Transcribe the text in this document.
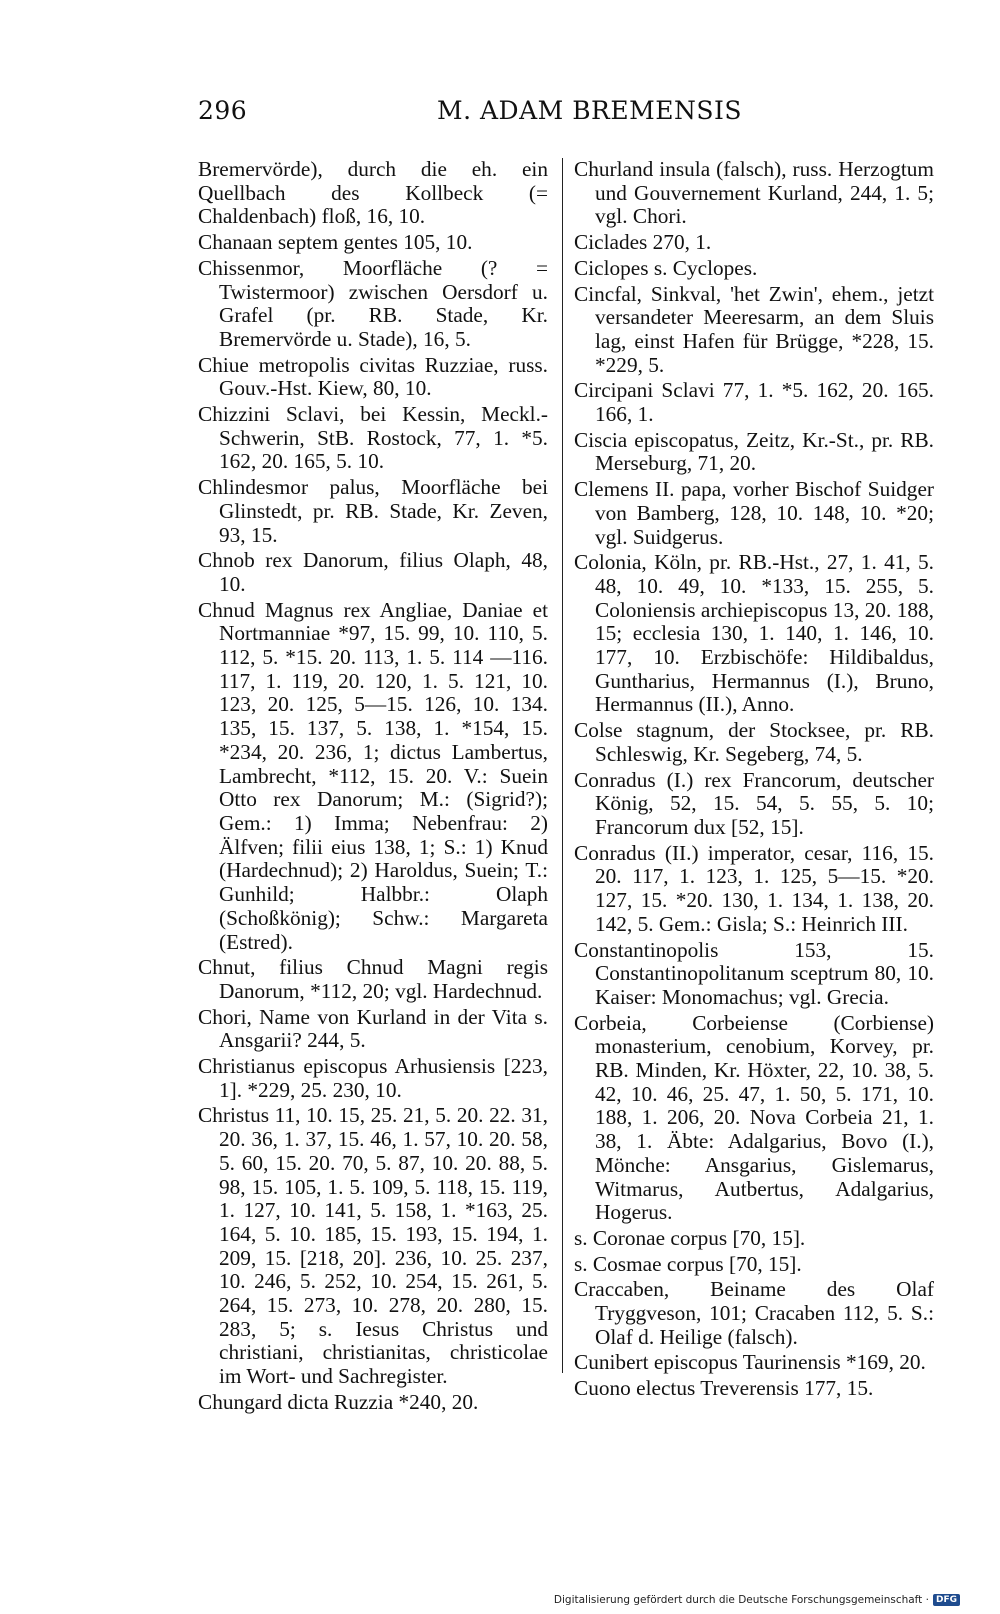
296	M. ADAM BREMENSIS

Bremervörde), durch die eh. ein Quellbach des Kollbeck (= Chaldenbach) floß, 16, 10.

Chanaan septem gentes 105, 10.

Chissenmor, Moorfläche (? = Twistermoor) zwischen Oersdorf u. Grafel (pr. RB. Stade, Kr. Bremervörde u. Stade), 16, 5.

Chiue metropolis civitas Ruzziae, russ. Gouv.-Hst. Kiew, 80, 10.

Chizzini Sclavi, bei Kessin, Meckl.-Schwerin, StB. Rostock, 77, 1. *5. 162, 20. 165, 5. 10.

Chlindesmor palus, Moorfläche bei Glinstedt, pr. RB. Stade, Kr. Zeven, 93, 15.

Chnob rex Danorum, filius Olaph, 48, 10.

Chnud Magnus rex Angliae, Daniae et Nortmanniae *97, 15. 99, 10. 110, 5. 112, 5. *15. 20. 113, 1. 5. 114 —116. 117, 1. 119, 20. 120, 1. 5. 121, 10. 123, 20. 125, 5—15. 126, 10. 134. 135, 15. 137, 5. 138, 1. *154, 15. *234, 20. 236, 1; dictus Lambertus, Lambrecht, *112, 15. 20. V.: Suein Otto rex Danorum; M.: (Sigrid?); Gem.: 1) Imma; Nebenfrau: 2) Älfven; filii eius 138, 1; S.: 1) Knud (Hardechnud); 2) Haroldus, Suein; T.: Gunhild; Halbbr.: Olaph (Schoßkönig); Schw.: Margareta (Estred).

Chnut, filius Chnud Magni regis Danorum, *112, 20; vgl. Hardechnud.

Chori, Name von Kurland in der Vita s. Ansgarii? 244, 5.

Christianus episcopus Arhusiensis [223, 1]. *229, 25. 230, 10.

Christus 11, 10. 15, 25. 21, 5. 20. 22. 31, 20. 36, 1. 37, 15. 46, 1. 57, 10. 20. 58, 5. 60, 15. 20. 70, 5. 87, 10. 20. 88, 5. 98, 15. 105, 1. 5. 109, 5. 118, 15. 119, 1. 127, 10. 141, 5. 158, 1. *163, 25. 164, 5. 10. 185, 15. 193, 15. 194, 1. 209, 15. [218, 20]. 236, 10. 25. 237, 10. 246, 5. 252, 10. 254, 15. 261, 5. 264, 15. 273, 10. 278, 20. 280, 15. 283, 5; s. Iesus Christus und christiani, christianitas, christicolae im Wort- und Sachregister.

Chungard dicta Ruzzia *240, 20.

Churland insula (falsch), russ. Herzogtum und Gouvernement Kurland, 244, 1. 5; vgl. Chori.

Ciclades 270, 1.

Ciclopes s. Cyclopes.

Cincfal, Sinkval, 'het Zwin', ehem., jetzt versandeter Meeresarm, an dem Sluis lag, einst Hafen für Brügge, *228, 15. *229, 5.

Circipani Sclavi 77, 1. *5. 162, 20. 165. 166, 1.

Ciscia episcopatus, Zeitz, Kr.-St., pr. RB. Merseburg, 71, 20.

Clemens II. papa, vorher Bischof Suidger von Bamberg, 128, 10. 148, 10. *20; vgl. Suidgerus.

Colonia, Köln, pr. RB.-Hst., 27, 1. 41, 5. 48, 10. 49, 10. *133, 15. 255, 5. Coloniensis archiepiscopus 13, 20. 188, 15; ecclesia 130, 1. 140, 1. 146, 10. 177, 10. Erzbischöfe: Hildibaldus, Guntharius, Hermannus (I.), Bruno, Hermannus (II.), Anno.

Colse stagnum, der Stocksee, pr. RB. Schleswig, Kr. Segeberg, 74, 5.

Conradus (I.) rex Francorum, deutscher König, 52, 15. 54, 5. 55, 5. 10; Francorum dux [52, 15].

Conradus (II.) imperator, cesar, 116, 15. 20. 117, 1. 123, 1. 125, 5—15. *20. 127, 15. *20. 130, 1. 134, 1. 138, 20. 142, 5. Gem.: Gisla; S.: Heinrich III.

Constantinopolis 153, 15. Constantinopolitanum sceptrum 80, 10. Kaiser: Monomachus; vgl. Grecia.

Corbeia, Corbeiense (Corbiense) monasterium, cenobium, Korvey, pr. RB. Minden, Kr. Höxter, 22, 10. 38, 5. 42, 10. 46, 25. 47, 1. 50, 5. 171, 10. 188, 1. 206, 20. Nova Corbeia 21, 1. 38, 1. Äbte: Adalgarius, Bovo (I.), Mönche: Ansgarius, Gislemarus, Witmarus, Autbertus, Adalgarius, Hogerus.

s. Coronae corpus [70, 15].

s. Cosmae corpus [70, 15].

Craccaben, Beiname des Olaf Tryggveson, 101; Cracaben 112, 5. S.: Olaf d. Heilige (falsch).

Cunibert episcopus Taurinensis *169, 20.

Cuono electus Treverensis 177, 15.

Digitalisierung gefördert durch die Deutsche Forschungsgemeinschaft · DFG
